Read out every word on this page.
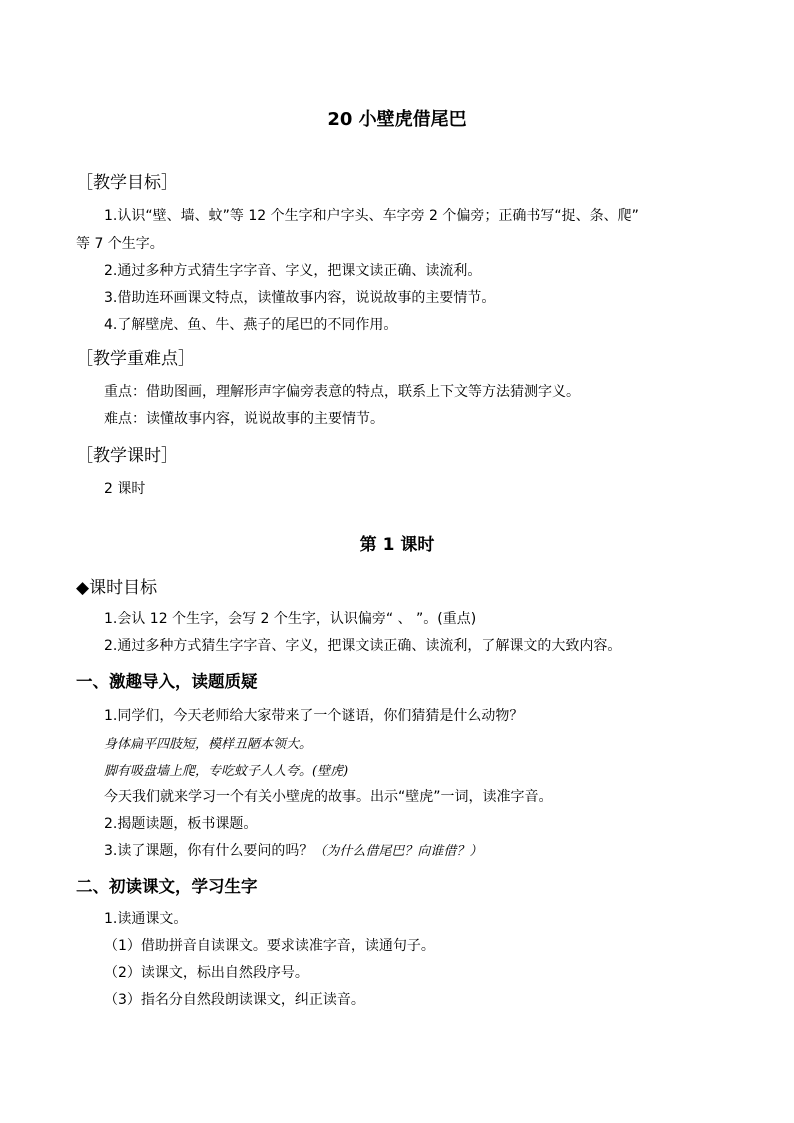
20 小壁虎借尾巴
［教学目标］
1.认识“壁、墙、蚊”等 12 个生字和户字头、车字旁 2 个偏旁；正确书写“捉、条、爬”
等 7 个生字。
2.通过多种方式猜生字字音、字义，把课文读正确、读流利。
3.借助连环画课文特点，读懂故事内容，说说故事的主要情节。
4.了解壁虎、鱼、牛、燕子的尾巴的不同作用。
［教学重难点］
重点：借助图画，理解形声字偏旁表意的特点，联系上下文等方法猜测字义。
难点：读懂故事内容，说说故事的主要情节。
［教学课时］
2 课时
第 1 课时
◆课时目标
1.会认 12 个生字，会写 2 个生字，认识偏旁“ 、 ”。(重点)
2.通过多种方式猜生字字音、字义，把课文读正确、读流利，了解课文的大致内容。
一、激趣导入，读题质疑
1.同学们，今天老师给大家带来了一个谜语，你们猜猜是什么动物？
身体扁平四肢短，模样丑陋本领大。
脚有吸盘墙上爬，专吃蚊子人人夸。(壁虎)
今天我们就来学习一个有关小壁虎的故事。出示“壁虎”一词，读准字音。
2.揭题读题，板书课题。
3.读了课题，你有什么要问的吗？（为什么借尾巴？向谁借？）
二、初读课文，学习生字
1.读通课文。
（1）借助拼音自读课文。要求读准字音，读通句子。
（2）读课文，标出自然段序号。
（3）指名分自然段朗读课文，纠正读音。
